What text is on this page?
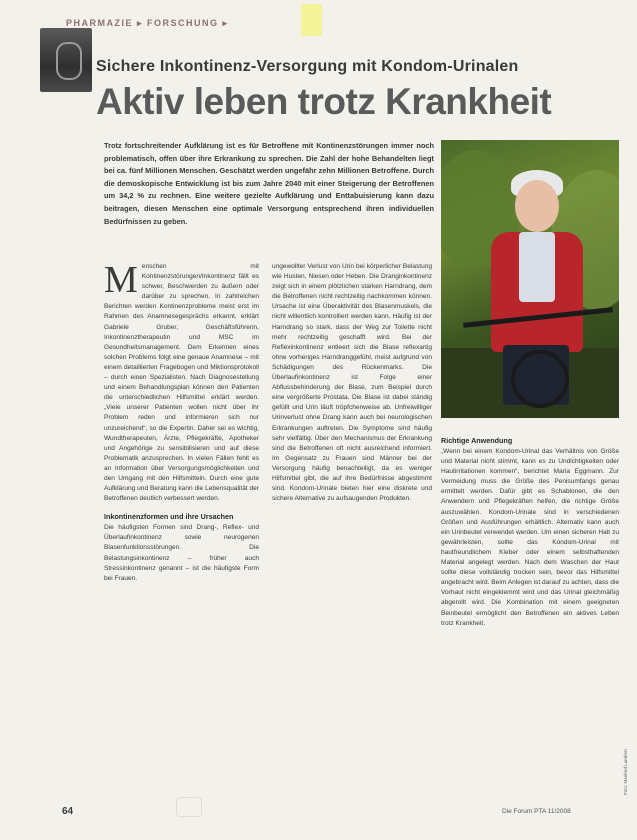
PHARMAZIE ▸ FORSCHUNG ▸
Sichere Inkontinenz-Versorgung mit Kondom-Urinalen
Aktiv leben trotz Krankheit
Trotz fortschreitender Aufklärung ist es für Betroffene mit Kontinenzstörungen immer noch problematisch, offen über ihre Erkrankung zu sprechen. Die Zahl der hohe Behandelten liegt bei ca. fünf Millionen Menschen. Geschätzt werden ungefähr zehn Millionen Betroffene. Durch die demoskopische Entwicklung ist bis zum Jahre 2040 mit einer Steigerung der Betroffenen um 34,2 % zu rechnen. Eine weitere gezielte Aufklärung und Enttabuisierung kann dazu beitragen, diesen Menschen eine optimale Versorgung entsprechend ihren individuellen Bedürfnissen zu geben.

Menschen mit Kontinenzstörungen/Inkontinenz fällt es schwer, Beschwerden zu äußern oder darüber zu sprechen. In zahlreichen Berichten werden Kontinenzprobleme meist erst im Rahmen des Anamnesegesprächs erkannt, erklärt Gabriele Gruber, Geschäftsführerin, Inkontinenztherapeutin und MSC im Gesundheitsmanagement. Dem Erkennen eines solchen Problems folgt eine genaue Anamnese – mit einem detaillierten Fragebogen und Miktionsprotokoll – durch einen Spezialisten. Nach Diagnosestellung und einem Behandlungsplan können den Patienten die unterschiedlichen Hilfsmittel erklärt werden. „Viele unserer Patienten wollen nicht über ihr Problem reden und informieren sich nur unzureichend“, so die Expertin. Daher sei es wichtig, Wundtherapeuten, Ärzte, Pflegekräfte, Apotheker und Angehörige zu sensibilisieren und auf diese Problematik anzusprechen. In vielen Fällen fehlt es an Information über Versorgungsmöglichkeiten und den Umgang mit den Hilfsmitteln. Durch eine gute Aufklärung und Beratung kann die Lebensqualität der Betroffenen deutlich verbessert werden.

Inkontinenzformen und ihre Ursachen

Die häufigsten Formen sind Drang-, Reflex- und Überlaufinkontinenz sowie neurogenen Blasenfunktionsstörungen. Die Belastungsinkontinenz – früher auch Stressinkontinenz genannt – ist die häufigste Form bei Frauen.

ungewollter Verlust von Urin bei körperlicher Belastung wie Husten, Niesen oder Heben. Die Dranginkontinenz zeigt sich in einem plötzlichen starken Harndrang, dem die Betroffenen nicht rechtzeitig nachkommen können. Ursache ist eine Überaktivität des Blasenmuskels, die nicht willentlich kontrolliert werden kann. Häufig ist der Harndrang so stark, dass der Weg zur Toilette nicht mehr rechtzeitig geschafft wird. Bei der Reflexinkontinenz entleert sich die Blase reflexartig ohne vorheriges Harndranggefühl, meist aufgrund von Schädigungen des Rückenmarks. Die Überlaufinkontinenz ist Folge einer Abflussbehinderung der Blase, zum Beispiel durch eine vergrößerte Prostata. Die Blase ist dabei ständig gefüllt und Urin läuft tröpfchenweise ab. Unfreiwilliger Urinverlust ohne Drang kann auch bei neurologischen Erkrankungen auftreten. Die Symptome sind häufig sehr vielfältig. Über den Mechanismus der Erkrankung sind die Betroffenen oft nicht ausreichend informiert. Im Gegensatz zu Frauen sind Männer bei der Versorgung häufig benachteiligt, da es weniger Hilfsmittel gibt, die auf ihre Bedürfnisse abgestimmt sind. Kondom-Urinale bieten hier eine diskrete und sichere Alternative zu aufsaugenden Produkten.

Richtige Anwendung

„Wenn bei einem Kondom-Urinal das Verhältnis von Größe und Material nicht stimmt, kann es zu Undichtigkeiten oder Hautirritationen kommen“, berichtet Maria Eggmann. Zur Vermeidung muss die Größe des Penisumfangs genau ermittelt werden. Dafür gibt es Schablonen, die den Anwendern und Pflegekräften helfen, die richtige Größe auszuwählen. Kondom-Urinale sind in verschiedenen Größen und Ausführungen erhältlich. Alternativ kann auch ein Urinbeutel verwendet werden. Um einen sicheren Halt zu gewährleisten, sollte das Kondom-Urinal mit hautfreundlichem Kleber oder einem selbsthaftenden Material angelegt werden. Nach dem Waschen der Haut sollte diese vollständig trocken sein, bevor das Hilfsmittel angebracht wird. Beim Anlegen ist darauf zu achten, dass die Vorhaut nicht eingeklemmt wird und das Urinal gleichmäßig abgerollt wird. Die Kombination mit einem geeigneten Beinbeutel ermöglicht den Betroffenen ein aktives Leben trotz Krankheit.

Foto: Manfred Lambert
64	Die Forum PTA 11/2008
